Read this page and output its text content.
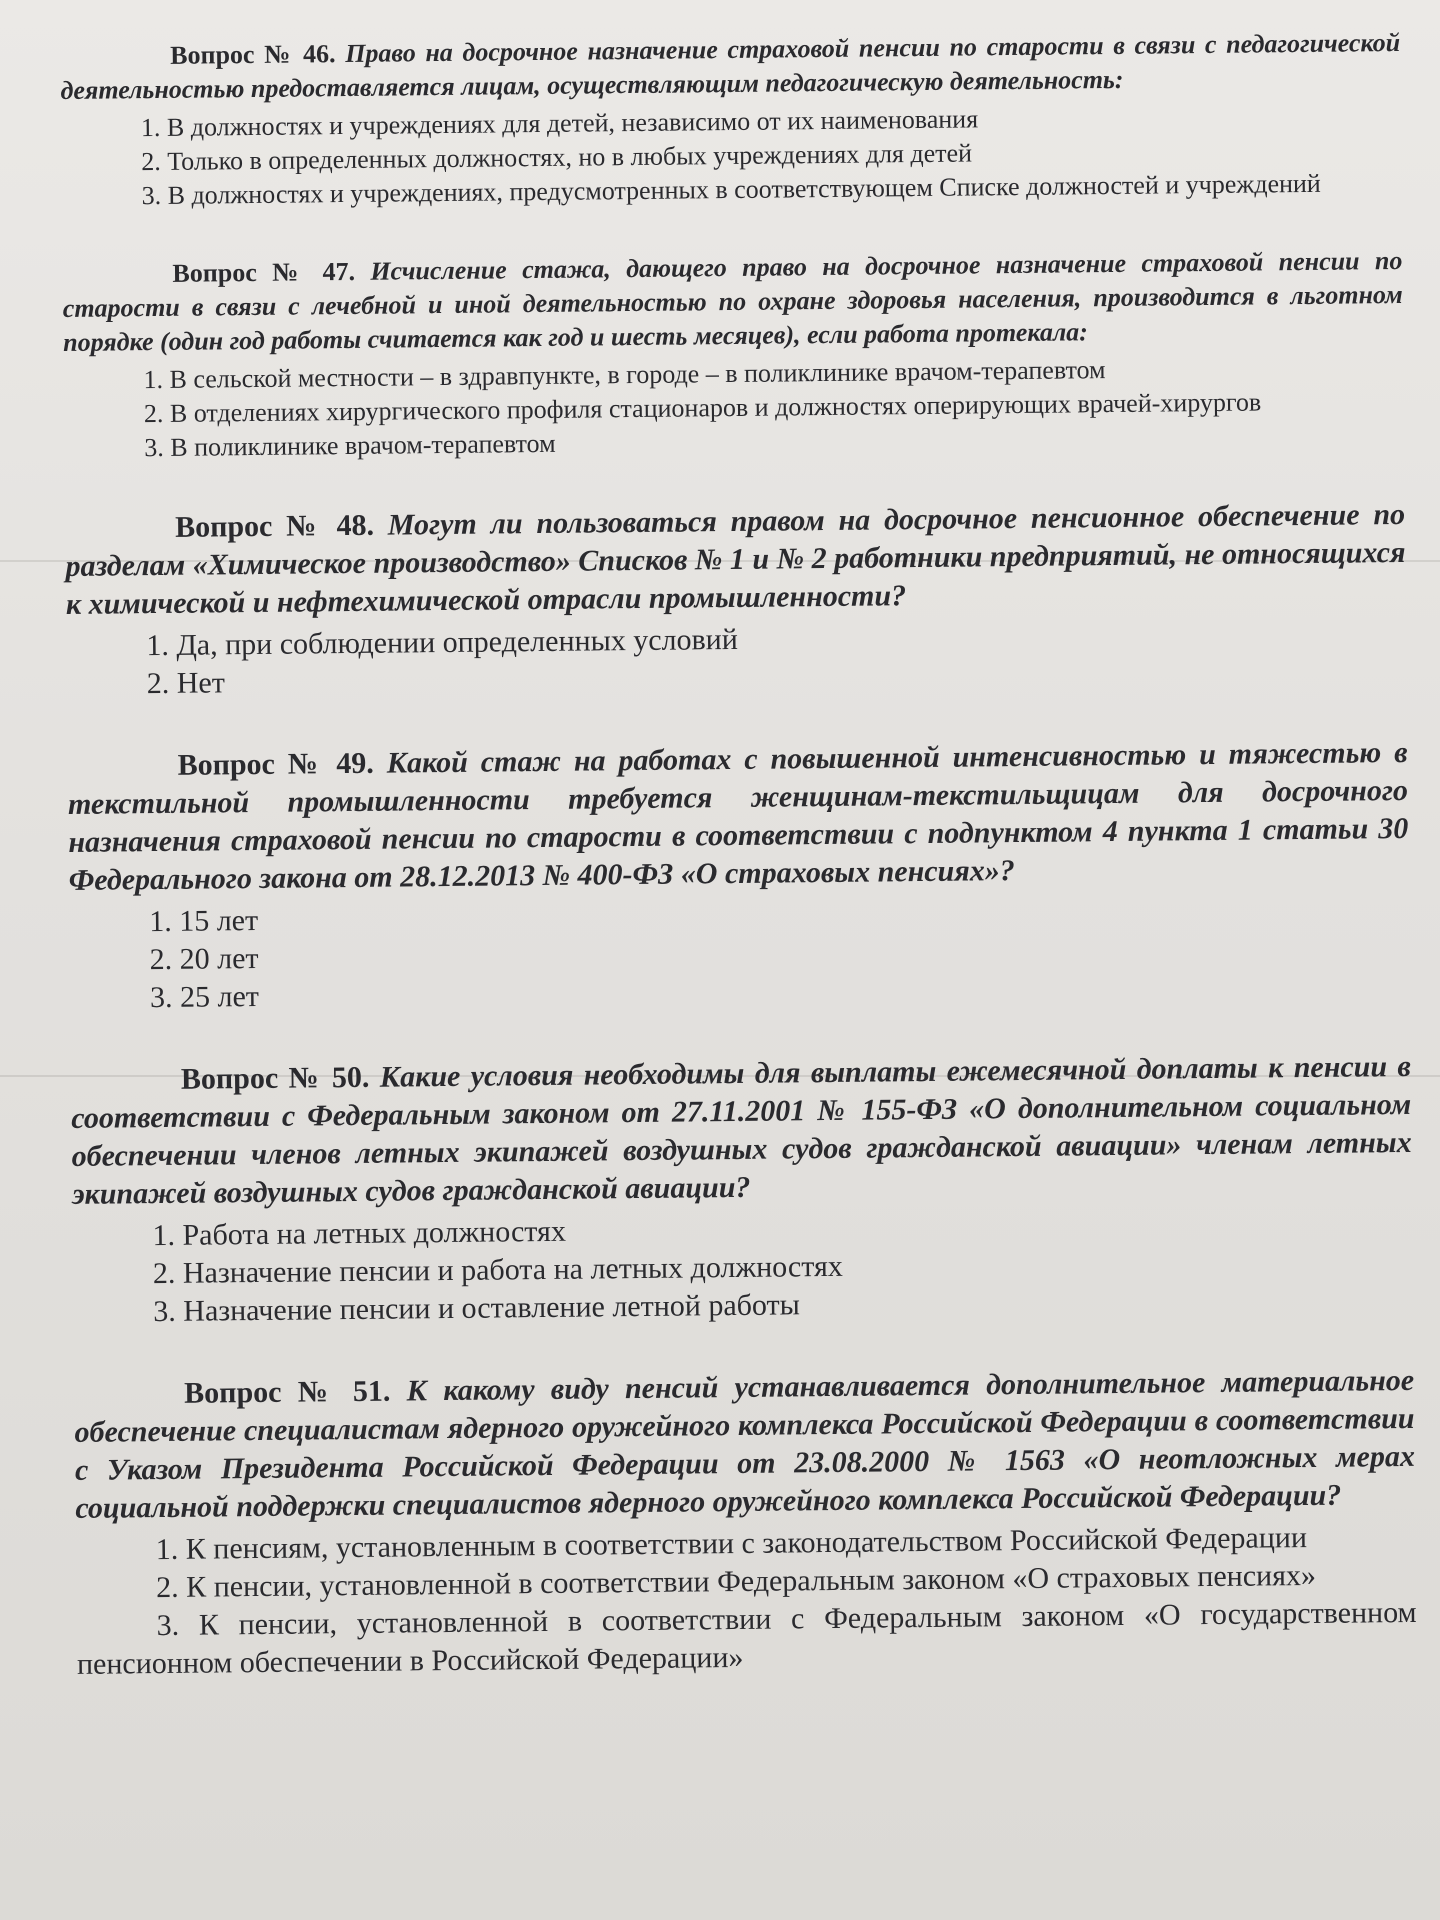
Вопрос № 46. Право на досрочное назначение страховой пенсии по старости в связи с педагогической деятельностью предоставляется лицам, осуществляющим педагогическую деятельность:
1. В должностях и учреждениях для детей, независимо от их наименования
2. Только в определенных должностях, но в любых учреждениях для детей
3. В должностях и учреждениях, предусмотренных в соответствующем Списке должностей и учреждений
Вопрос № 47. Исчисление стажа, дающего право на досрочное назначение страховой пенсии по старости в связи с лечебной и иной деятельностью по охране здоровья населения, производится в льготном порядке (один год работы считается как год и шесть месяцев), если работа протекала:
1. В сельской местности – в здравпункте, в городе – в поликлинике врачом-терапевтом
2. В отделениях хирургического профиля стационаров и должностях оперирующих врачей-хирургов
3. В поликлинике врачом-терапевтом
Вопрос № 48. Могут ли пользоваться правом на досрочное пенсионное обеспечение по разделам «Химическое производство» Списков № 1 и № 2 работники предприятий, не относящихся к химической и нефтехимической отрасли промышленности?
1. Да, при соблюдении определенных условий
2. Нет
Вопрос № 49. Какой стаж на работах с повышенной интенсивностью и тяжестью в текстильной промышленности требуется женщинам-текстильщицам для досрочного назначения страховой пенсии по старости в соответствии с подпунктом 4 пункта 1 статьи 30 Федерального закона от 28.12.2013 № 400-ФЗ «О страховых пенсиях»?
1. 15 лет
2. 20 лет
3. 25 лет
Вопрос № 50. Какие условия необходимы для выплаты ежемесячной доплаты к пенсии в соответствии с Федеральным законом от 27.11.2001 № 155-ФЗ «О дополнительном социальном обеспечении членов летных экипажей воздушных судов гражданской авиации» членам летных экипажей воздушных судов гражданской авиации?
1. Работа на летных должностях
2. Назначение пенсии и работа на летных должностях
3. Назначение пенсии и оставление летной работы
Вопрос № 51. К какому виду пенсий устанавливается дополнительное материальное обеспечение специалистам ядерного оружейного комплекса Российской Федерации в соответствии с Указом Президента Российской Федерации от 23.08.2000 № 1563 «О неотложных мерах социальной поддержки специалистов ядерного оружейного комплекса Российской Федерации?
1. К пенсиям, установленным в соответствии с законодательством Российской Федерации
2. К пенсии, установленной в соответствии Федеральным законом «О страховых пенсиях»
3. К пенсии, установленной в соответствии с Федеральным законом «О государственном пенсионном обеспечении в Российской Федерации»
